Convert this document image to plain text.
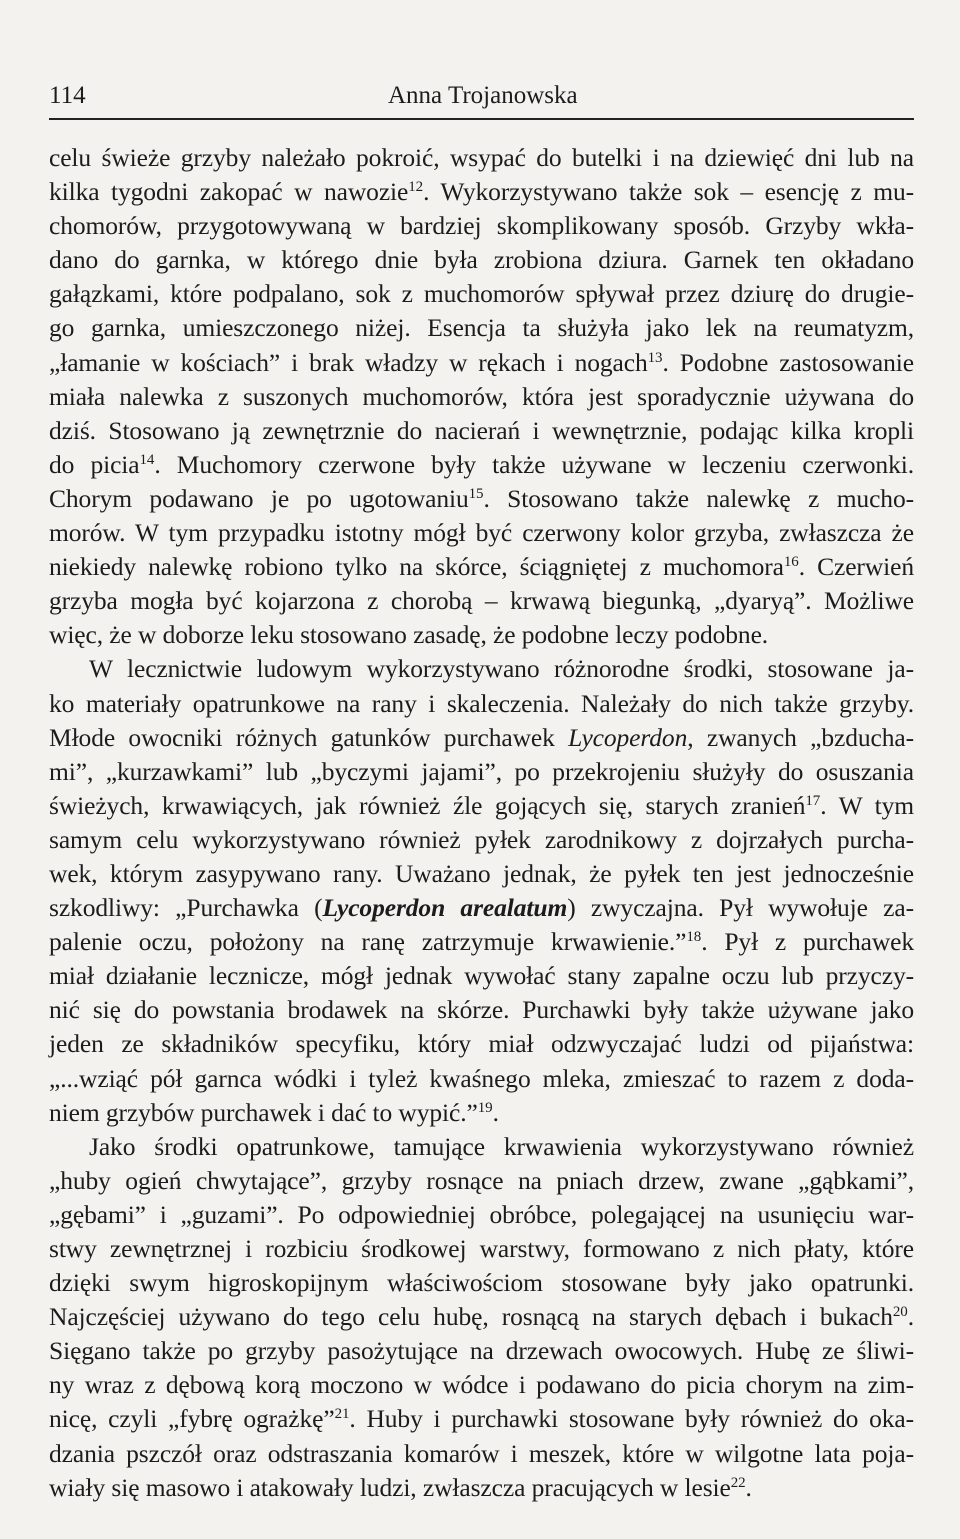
114	Anna Trojanowska
celu świeże grzyby należało pokroić, wsypać do butelki i na dziewięć dni lub na
kilka tygodni zakopać w nawozie$^{12}$. Wykorzystywano także sok – esencję z mu-
chomorów, przygotowywaną w bardziej skomplikowany sposób. Grzyby wkła-
dano do garnka, w którego dnie była zrobiona dziura. Garnek ten okładano
gałązkami, które podpalano, sok z muchomorów spływał przez dziurę do drugie-
go garnka, umieszczonego niżej. Esencja ta służyła jako lek na reumatyzm,
„łamanie w kościach” i brak władzy w rękach i nogach$^{13}$. Podobne zastosowanie
miała nalewka z suszonych muchomorów, która jest sporadycznie używana do
dziś. Stosowano ją zewnętrznie do nacierań i wewnętrznie, podając kilka kropli
do picia$^{14}$. Muchomory czerwone były także używane w leczeniu czerwonki.
Chorym podawano je po ugotowaniu$^{15}$. Stosowano także nalewkę z mucho-
morów. W tym przypadku istotny mógł być czerwony kolor grzyba, zwłaszcza że
niekiedy nalewkę robiono tylko na skórce, ściągniętej z muchomora$^{16}$. Czerwień
grzyba mogła być kojarzona z chorobą – krwawą biegunką, „dyaryą”. Możliwe
więc, że w doborze leku stosowano zasadę, że podobne leczy podobne.
W lecznictwie ludowym wykorzystywano różnorodne środki, stosowane ja-
ko materiały opatrunkowe na rany i skaleczenia. Należały do nich także grzyby.
Młode owocniki różnych gatunków purchawek Lycoperdon, zwanych „bzducha-
mi”, „kurzawkami” lub „byczymi jajami”, po przekrojeniu służyły do osuszania
świeżych, krwawiących, jak również źle gojących się, starych zranień$^{17}$. W tym
samym celu wykorzystywano również pyłek zarodnikowy z dojrzałych purcha-
wek, którym zasypywano rany. Uważano jednak, że pyłek ten jest jednocześnie
szkodliwy: „Purchawka (Lycoperdon arealatum) zwyczajna. Pył wywołuje za-
palenie oczu, położony na ranę zatrzymuje krwawienie.”$^{18}$. Pył z purchawek
miał działanie lecznicze, mógł jednak wywołać stany zapalne oczu lub przyczy-
nić się do powstania brodawek na skórze. Purchawki były także używane jako
jeden ze składników specyfiku, który miał odzwyczajać ludzi od pijaństwa:
„...wziąć pół garnca wódki i tyleż kwaśnego mleka, zmieszać to razem z doda-
niem grzybów purchawek i dać to wypić.”$^{19}$.
Jako środki opatrunkowe, tamujące krwawienia wykorzystywano również
„huby ogień chwytające”, grzyby rosnące na pniach drzew, zwane „gąbkami”,
„gębami” i „guzami”. Po odpowiedniej obróbce, polegającej na usunięciu war-
stwy zewnętrznej i rozbiciu środkowej warstwy, formowano z nich płaty, które
dzięki swym higroskopijnym właściwościom stosowane były jako opatrunki.
Najczęściej używano do tego celu hubę, rosnącą na starych dębach i bukach$^{20}$.
Sięgano także po grzyby pasożytujące na drzewach owocowych. Hubę ze śliwi-
ny wraz z dębową korą moczono w wódce i podawano do picia chorym na zim-
nicę, czyli „fybrę ograżkę”$^{21}$. Huby i purchawki stosowane były również do oka-
dzania pszczół oraz odstraszania komarów i meszek, które w wilgotne lata poja-
wiały się masowo i atakowały ludzi, zwłaszcza pracujących w lesie$^{22}$.
